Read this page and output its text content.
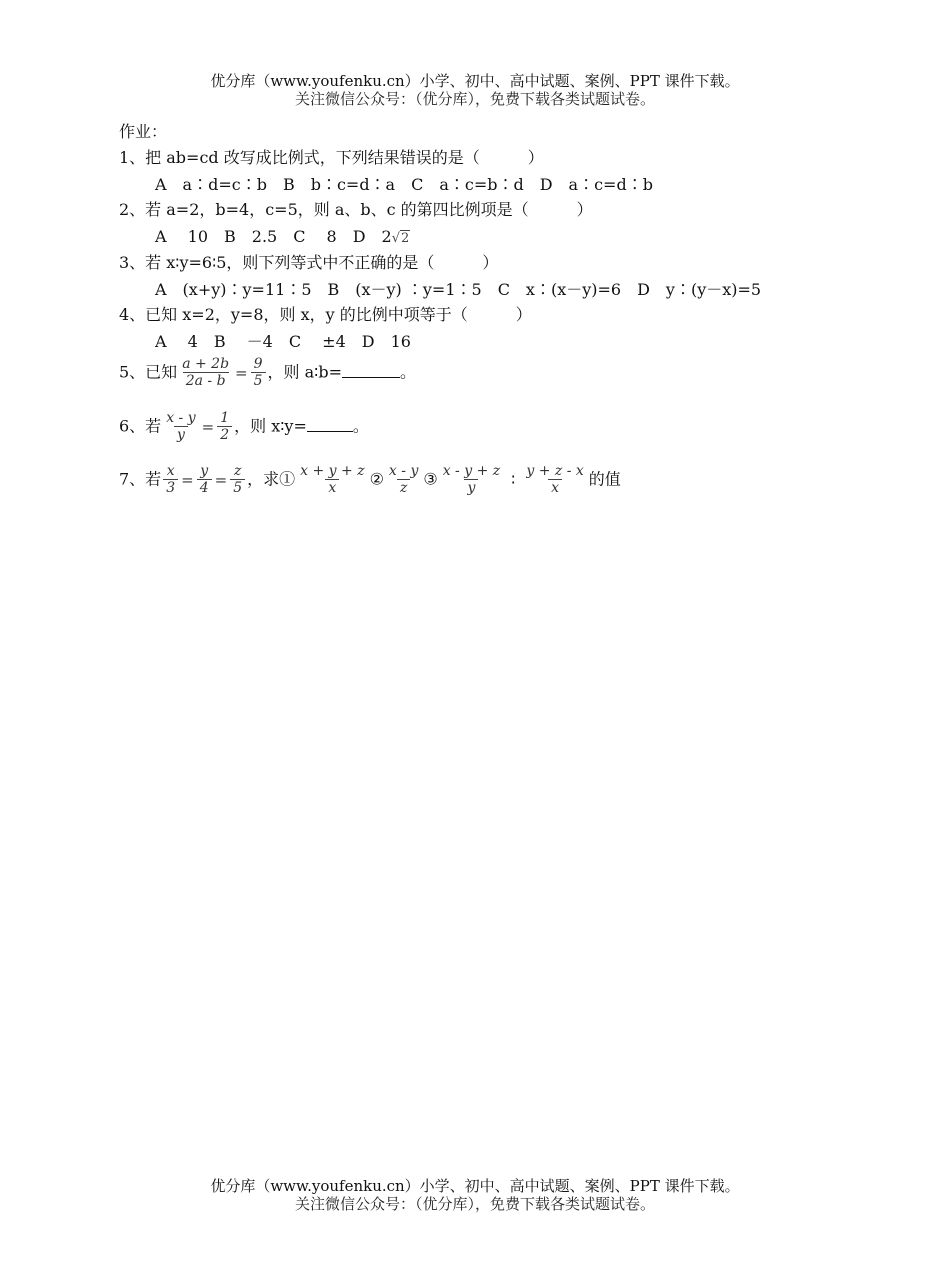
优分库（www.youfenku.cn）小学、初中、高中试题、案例、PPT 课件下载。
关注微信公众号：（优分库），免费下载各类试题试卷。
作业：
1、把 ab=cd 改写成比例式，下列结果错误的是（　　　）
A　a∶d=c∶b　B　b∶c=d∶a　C　a∶c=b∶d　D　a∶c=d∶b
2、若 a=2，b=4，c=5，则 a、b、c 的第四比例项是（　　　）
A　 10　B　2.5　C　 8　D　2√2
3、若 x∶y=6∶5，则下列等式中不正确的是（　　　）
A　(x+y)∶y=11∶5　B　(x－y) ∶y=1∶5　C　x∶(x－y)=6　D　y∶(y－x)=5
4、已知 x=2，y=8，则 x，y 的比例中项等于（　　　）
A　 4　B　 －4　C　 ±4　D　16
5、已知 $\frac{a + 2b}{2a - b} = \frac{9}{5}$ ，则 a∶b=	。
6、若 $\frac{x - y}{y} = \frac{1}{2}$ ，则 x∶y=	。
7、若 $\frac{x}{3} = \frac{y}{4} = \frac{z}{5}$ ，求① $\frac{x + y + z}{x}$ ② $\frac{x - y}{z}$ ③ $\frac{x - y + z}{y}$ ∶ $\frac{y + z - x}{x}$ 的值
优分库（www.youfenku.cn）小学、初中、高中试题、案例、PPT 课件下载。
关注微信公众号：（优分库），免费下载各类试题试卷。
